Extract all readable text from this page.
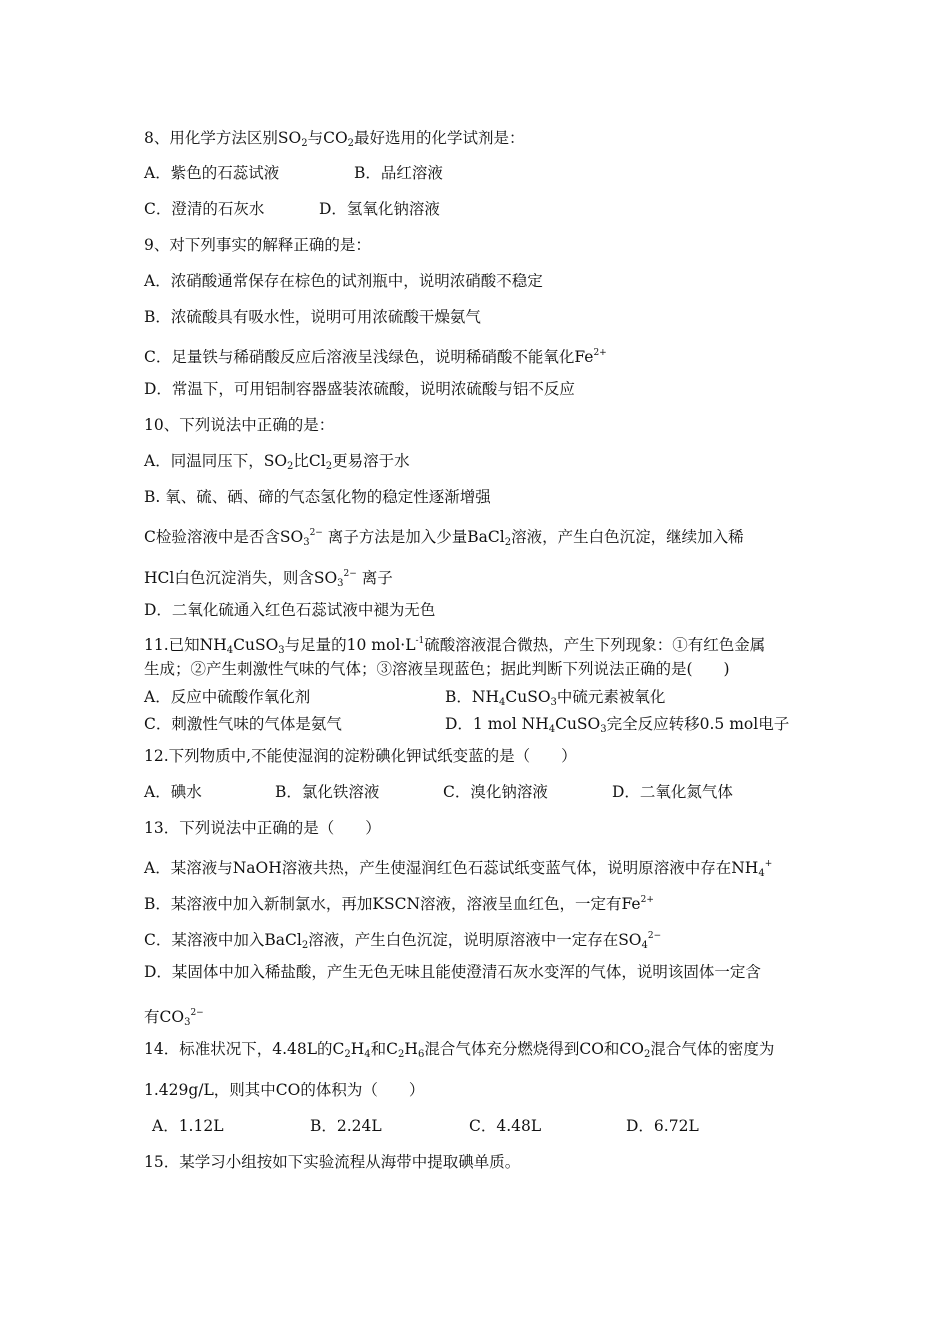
8、用化学方法区别$SO_2$与$CO_2$最好选用的化学试剂是：
A．紫色的石蕊试液	B．品红溶液
C．澄清的石灰水	D．氢氧化钠溶液
9、对下列事实的解释正确的是：
A．浓硝酸通常保存在棕色的试剂瓶中，说明浓硝酸不稳定
B．浓硫酸具有吸水性，说明可用浓硫酸干燥氨气
C．足量铁与稀硝酸反应后溶液呈浅绿色，说明稀硝酸不能氧化$Fe^{2+}$
D．常温下，可用铝制容器盛装浓硫酸，说明浓硫酸与铝不反应
10、下列说法中正确的是：
A．同温同压下，$SO_2$比$Cl_2$更易溶于水
B. 氧、硫、硒、碲的气态氢化物的稳定性逐渐增强
C检验溶液中是否含$SO_3^{2-}$ 离子方法是加入少量BaCl$_2$溶液，产生白色沉淀，继续加入稀
HCl白色沉淀消失，则含$SO_3^{2-}$ 离子
D．二氧化硫通入红色石蕊试液中褪为无色
11.已知$NH_4CuSO_3$与足量的10 $mol\cdot L^{-1}$硫酸溶液混合微热，产生下列现象：①有红色金属
生成；②产生刺激性气味的气体；③溶液呈现蓝色；据此判断下列说法正确的是(　　)
A．反应中硫酸作氧化剂	B．$NH_4CuSO_3$中硫元素被氧化
C．刺激性气味的气体是氨气	D．1 mol $NH_4CuSO_3$完全反应转移0.5 mol电子
12.下列物质中,不能使湿润的淀粉碘化钾试纸变蓝的是（　　）
A．碘水	B．氯化铁溶液	C．溴化钠溶液	D．二氧化氮气体
13．下列说法中正确的是（　　）
A．某溶液与NaOH溶液共热，产生使湿润红色石蕊试纸变蓝气体，说明原溶液中存在$NH_4^+$
B．某溶液中加入新制氯水，再加KSCN溶液，溶液呈血红色，一定有$Fe^{2+}$
C．某溶液中加入BaCl$_2$溶液，产生白色沉淀，说明原溶液中一定存在$SO_4^{2-}$
D．某固体中加入稀盐酸，产生无色无味且能使澄清石灰水变浑的气体，说明该固体一定含
有$CO_3^{2-}$
14．标准状况下，4.48L的$C_2H_4$和$C_2H_6$混合气体充分燃烧得到CO和$CO_2$混合气体的密度为
1.429g/L，则其中CO的体积为（　　）
A．1.12L	B．2.24L	C．4.48L	D．6.72L
15．某学习小组按如下实验流程从海带中提取碘单质。
